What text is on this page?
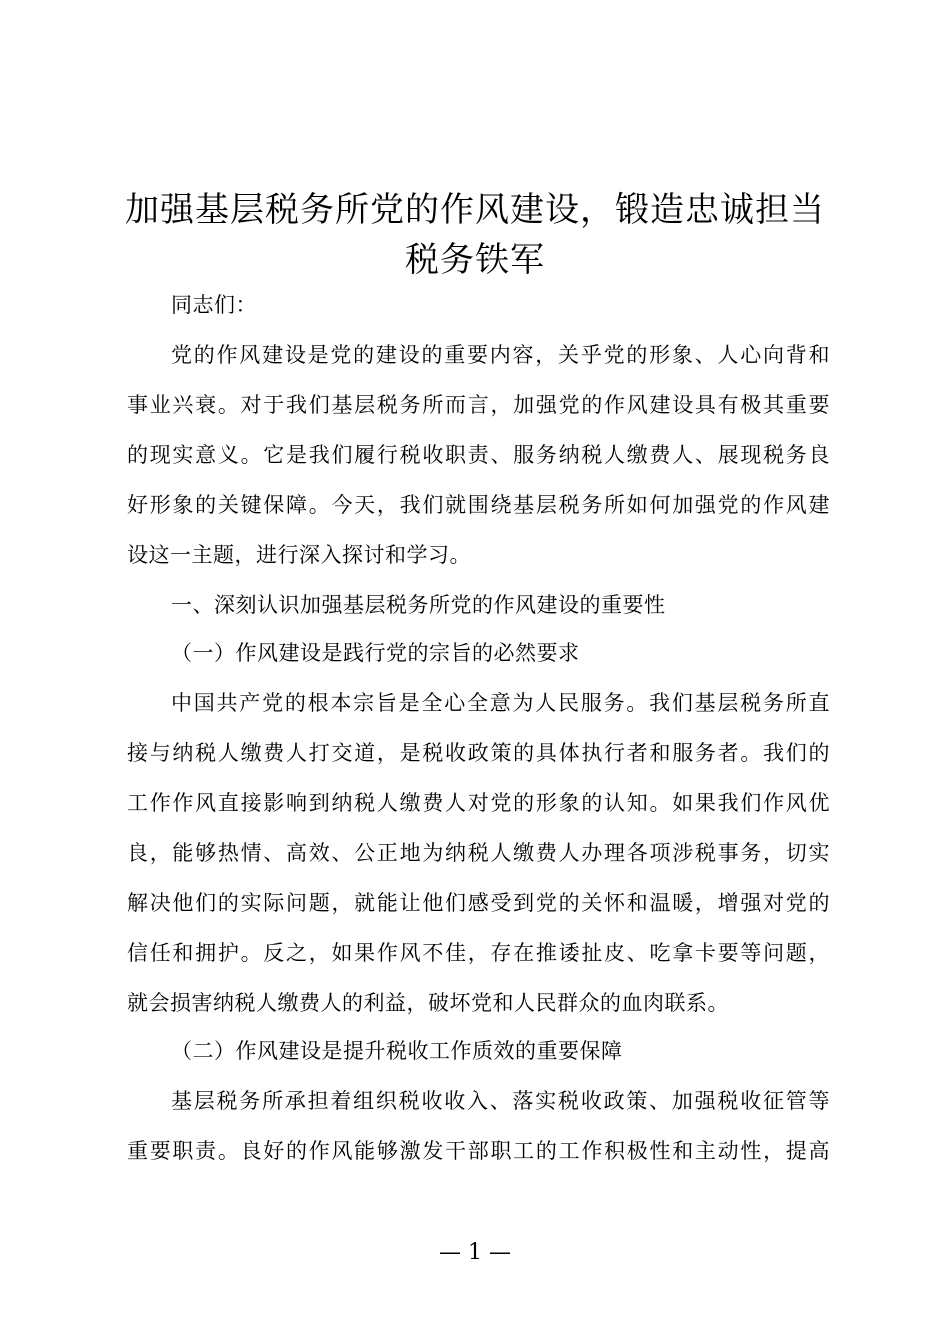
加强基层税务所党的作风建设，锻造忠诚担当
税务铁军
同志们：
党的作风建设是党的建设的重要内容，关乎党的形象、人心向背和
事业兴衰。对于我们基层税务所而言，加强党的作风建设具有极其重要
的现实意义。它是我们履行税收职责、服务纳税人缴费人、展现税务良
好形象的关键保障。今天，我们就围绕基层税务所如何加强党的作风建
设这一主题，进行深入探讨和学习。
一、深刻认识加强基层税务所党的作风建设的重要性
（一）作风建设是践行党的宗旨的必然要求
中国共产党的根本宗旨是全心全意为人民服务。我们基层税务所直
接与纳税人缴费人打交道，是税收政策的具体执行者和服务者。我们的
工作作风直接影响到纳税人缴费人对党的形象的认知。如果我们作风优
良，能够热情、高效、公正地为纳税人缴费人办理各项涉税事务，切实
解决他们的实际问题，就能让他们感受到党的关怀和温暖，增强对党的
信任和拥护。反之，如果作风不佳，存在推诿扯皮、吃拿卡要等问题，
就会损害纳税人缴费人的利益，破坏党和人民群众的血肉联系。
（二）作风建设是提升税收工作质效的重要保障
基层税务所承担着组织税收收入、落实税收政策、加强税收征管等
重要职责。良好的作风能够激发干部职工的工作积极性和主动性，提高
— 1 —
